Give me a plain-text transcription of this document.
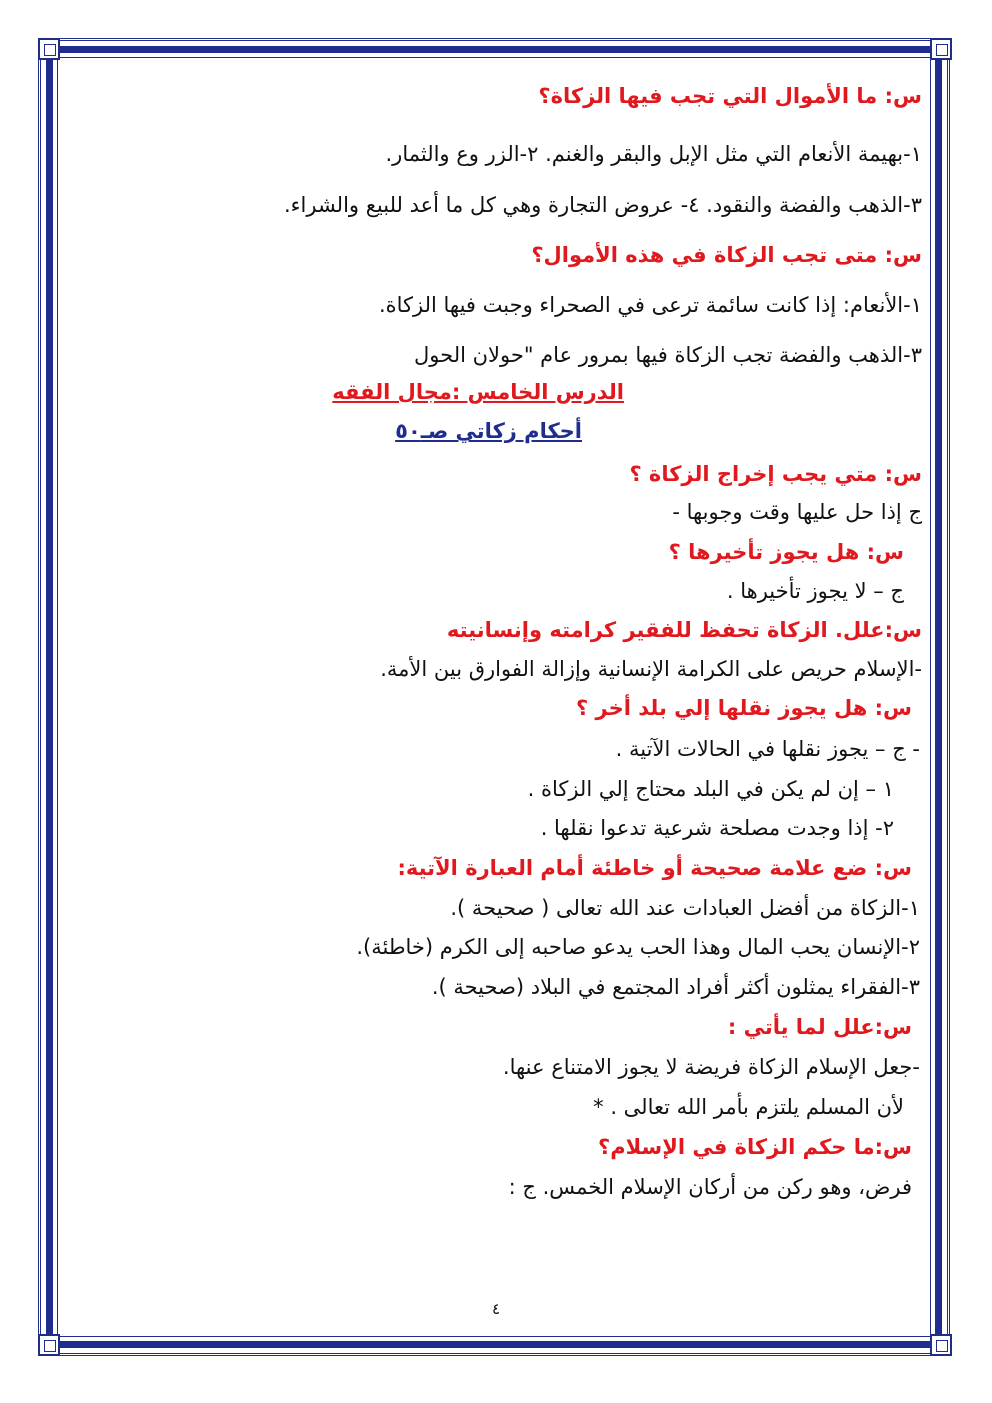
س: ما الأموال التي تجب فيها الزكاة؟
١-بهيمة الأنعام التي مثل الإبل والبقر والغنم. ٢-الزر وع والثمار.
٣-الذهب والفضة والنقود. ٤- عروض التجارة وهي كل ما أعد للبيع والشراء.
س: متى تجب الزكاة في هذه الأموال؟
١-الأنعام: إذا كانت سائمة ترعى في الصحراء وجبت فيها الزكاة.
٣-الذهب والفضة تجب الزكاة فيها بمرور عام "حولان الحول
الدرس الخامس :مجال الفقه
أحكام زكاتي صـ٥٠
س: متي يجب إخراج الزكاة ؟
ج إذا حل عليها وقت وجوبها -
س: هل يجوز تأخيرها ؟
ج – لا يجوز تأخيرها .
س:علل. الزكاة تحفظ للفقير كرامته وإنسانيته
-الإسلام حريص على الكرامة الإنسانية وإزالة الفوارق بين الأمة.
س: هل يجوز نقلها إلي بلد أخر ؟
- ج – يجوز نقلها في الحالات الآتية .
١ – إن لم يكن في البلد محتاج إلي الزكاة .
٢- إذا وجدت مصلحة شرعية تدعوا نقلها .
س: ضع علامة صحيحة أو خاطئة أمام العبارة الآتية:
١-الزكاة من أفضل العبادات عند الله تعالى ( صحيحة ).
٢-الإنسان يحب المال وهذا الحب يدعو صاحبه إلى الكرم (خاطئة).
٣-الفقراء يمثلون أكثر أفراد المجتمع في البلاد (صحيحة ).
س:علل لما يأتي :
-جعل الإسلام الزكاة فريضة لا يجوز الامتناع عنها.
لأن المسلم يلتزم بأمر الله تعالى . *
س:ما حكم الزكاة في الإسلام؟
فرض، وهو ركن من أركان الإسلام الخمس. ج :
٤
